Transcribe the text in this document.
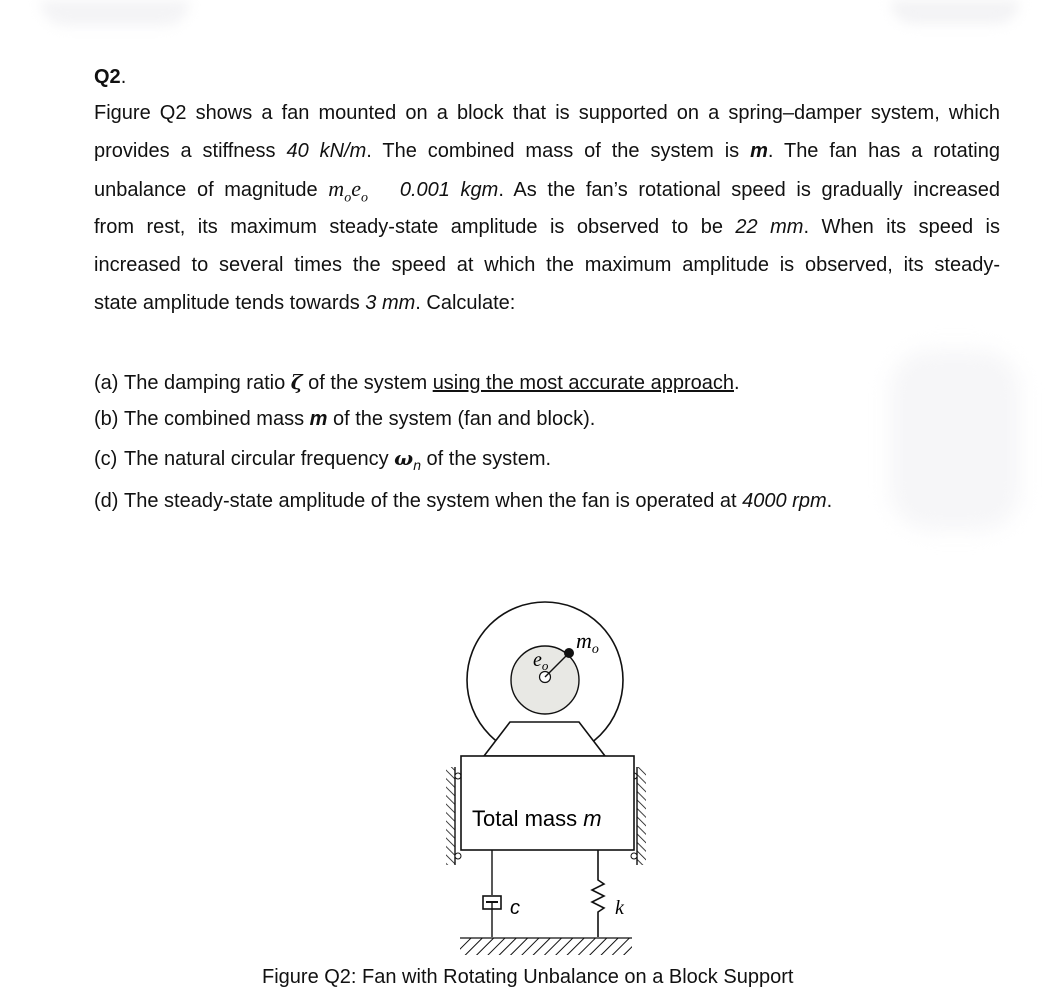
Q2.
Figure Q2 shows a fan mounted on a block that is supported on a spring–damper system, which
provides a stiffness 40 kN/m. The combined mass of the system is m. The fan has a rotating
unbalance of magnitude $m_oe_o$ 0.001 kgm. As the fan’s rotational speed is gradually increased
from rest, its maximum steady-state amplitude is observed to be 22 mm. When its speed is
increased to several times the speed at which the maximum amplitude is observed, its steady-
state amplitude tends towards 3 mm. Calculate:
(a) The damping ratio ζ of the system using the most accurate approach.
(b) The combined mass m of the system (fan and block).
(c) The natural circular frequency $\omega_n$ of the system.
(d) The steady-state amplitude of the system when the fan is operated at 4000 rpm.
$e_o$
$m_o$
Total mass m
c	k
Figure Q2: Fan with Rotating Unbalance on a Block Support
